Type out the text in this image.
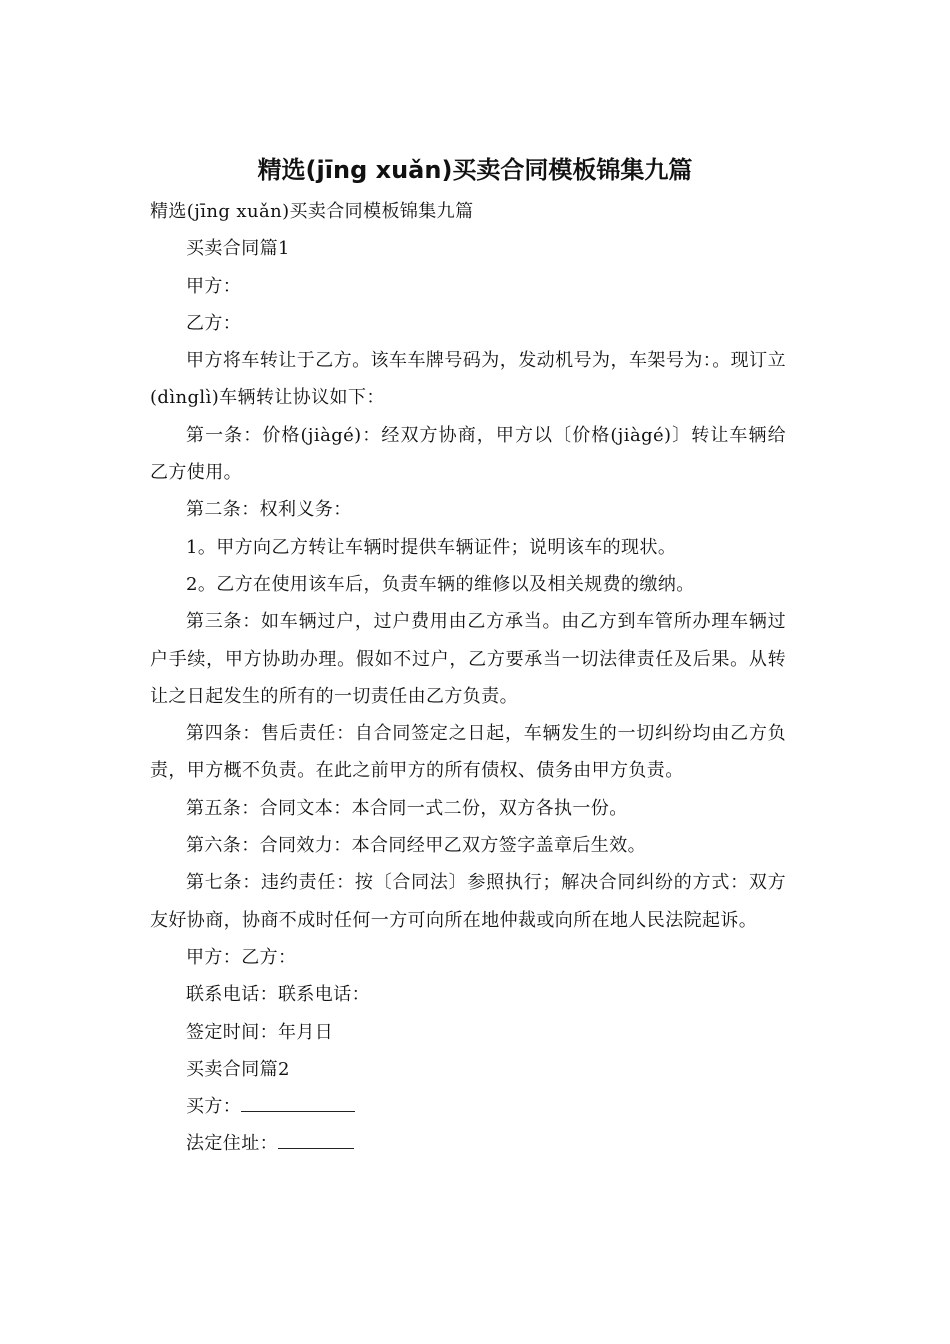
精选(jīng xuǎn)买卖合同模板锦集九篇

精选(jīng xuǎn)买卖合同模板锦集九篇

买卖合同篇1

甲方：

乙方：

甲方将车转让于乙方。该车车牌号码为，发动机号为，车架号为：。现订立(dìnglì)车辆转让协议如下：

第一条：价格(jiàgé)：经双方协商，甲方以〔价格(jiàgé)〕转让车辆给乙方使用。

第二条：权利义务：

1。甲方向乙方转让车辆时提供车辆证件；说明该车的现状。

2。乙方在使用该车后，负责车辆的维修以及相关规费的缴纳。

第三条：如车辆过户，过户费用由乙方承当。由乙方到车管所办理车辆过户手续，甲方协助办理。假如不过户，乙方要承当一切法律责任及后果。从转让之日起发生的所有的一切责任由乙方负责。

第四条：售后责任：自合同签定之日起，车辆发生的一切纠纷均由乙方负责，甲方概不负责。在此之前甲方的所有债权、债务由甲方负责。

第五条：合同文本：本合同一式二份，双方各执一份。

第六条：合同效力：本合同经甲乙双方签字盖章后生效。

第七条：违约责任：按〔合同法〕参照执行；解决合同纠纷的方式：双方友好协商，协商不成时任何一方可向所在地仲裁或向所在地人民法院起诉。

甲方：乙方：

联系电话：联系电话：

签定时间：年月日

买卖合同篇2

买方：

法定住址：
